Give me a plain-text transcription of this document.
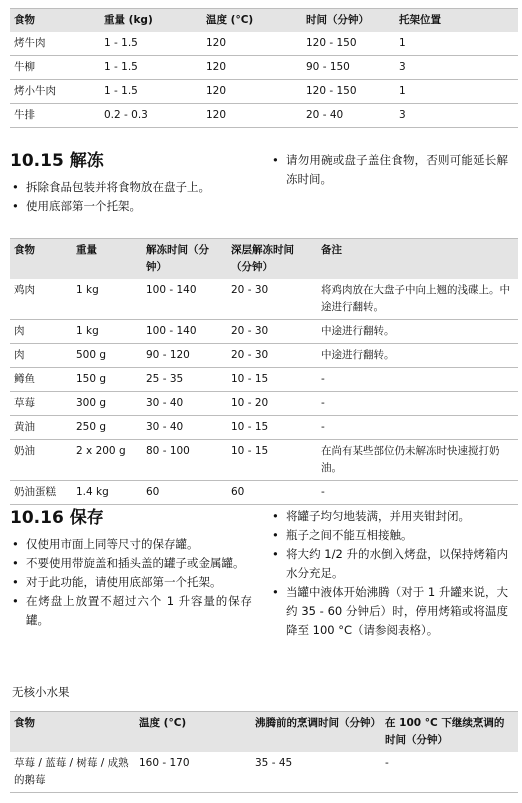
食物	重量 (kg)	温度 (°C)	时间（分钟）	托架位置
烤牛肉	1 - 1.5	120	120 - 150	1
牛柳	1 - 1.5	120	90 - 150	3
烤小牛肉	1 - 1.5	120	120 - 150	1
牛排	0.2 - 0.3	120	20 - 40	3
10.15 解冻
• 拆除食品包装并将食物放在盘子上。
• 使用底部第一个托架。
• 请勿用碗或盘子盖住食物，否则可能延长解冻时间。
食物	重量	解冻时间（分钟）	深层解冻时间（分钟）	备注
鸡肉	1 kg	100 - 140	20 - 30	将鸡肉放在大盘子中向上翘的浅碟上。中途进行翻转。
肉	1 kg	100 - 140	20 - 30	中途进行翻转。
肉	500 g	90 - 120	20 - 30	中途进行翻转。
鳟鱼	150 g	25 - 35	10 - 15	-
草莓	300 g	30 - 40	10 - 20	-
黄油	250 g	30 - 40	10 - 15	-
奶油	2 x 200 g	80 - 100	10 - 15	在尚有某些部位仍未解冻时快速搅打奶油。
奶油蛋糕	1.4 kg	60	60	-
10.16 保存
• 仅使用市面上同等尺寸的保存罐。
• 不要使用带旋盖和插头盖的罐子或金属罐。
• 对于此功能，请使用底部第一个托架。
• 在烤盘上放置不超过六个 1 升容量的保存罐。
• 将罐子均匀地装满，并用夹钳封闭。
• 瓶子之间不能互相接触。
• 将大约 1/2 升的水倒入烤盘，以保持烤箱内水分充足。
• 当罐中液体开始沸腾（对于 1 升罐来说，大约 35 - 60 分钟后）时，停用烤箱或将温度降至 100 °C（请参阅表格）。
无核小水果
食物	温度 (°C)	沸腾前的烹调时间（分钟）	在 100 °C 下继续烹调的时间（分钟）
草莓 / 蓝莓 / 树莓 / 成熟的鹅莓	160 - 170	35 - 45	-
